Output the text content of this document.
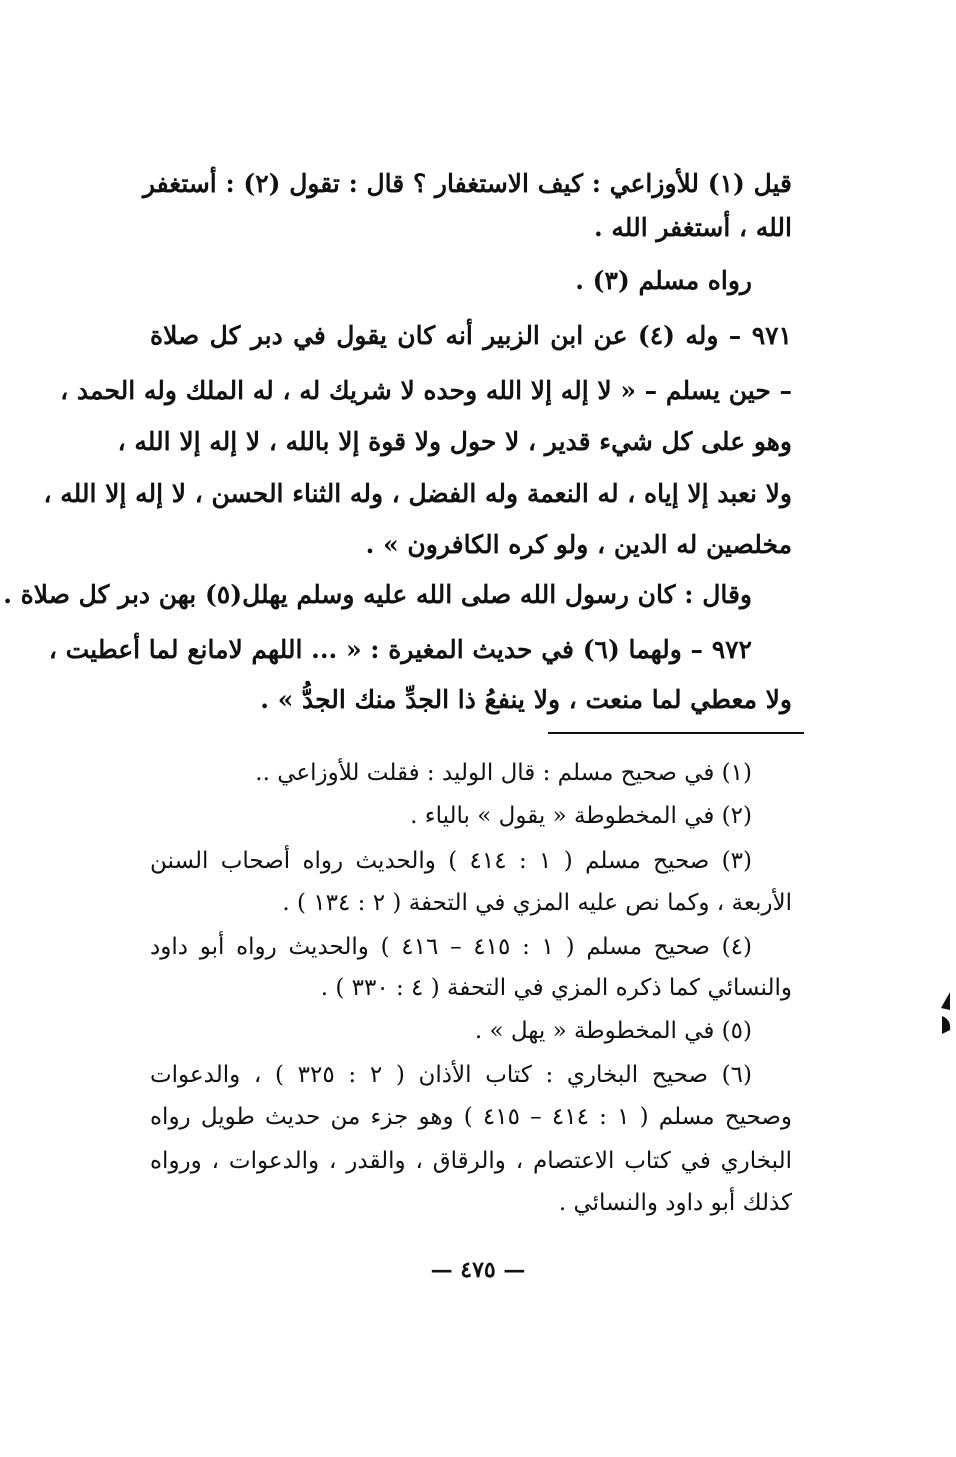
قيل (١) للأوزاعي : كيف الاستغفار ؟ قال : تقول (٢) : أستغفر
الله ، أستغفر الله .
رواه مسلم (٣) .
٩٧١ – وله (٤) عن ابن الزبير أنه كان يقول في دبر كل صلاة
– حين يسلم – « لا إله إلا الله وحده لا شريك له ، له الملك وله الحمد ،
وهو على كل شيء قدير ، لا حول ولا قوة إلا بالله ، لا إله إلا الله ،
ولا نعبد إلا إياه ، له النعمة وله الفضل ، وله الثناء الحسن ، لا إله إلا الله ،
مخلصين له الدين ، ولو كره الكافرون » .
وقال : كان رسول الله صلى الله عليه وسلم يهلل(٥) بهن دبر كل صلاة .
٩٧٢ – ولهما (٦) في حديث المغيرة : « ... اللهم لامانع لما أعطيت ،
ولا معطي لما منعت ، ولا ينفعُ ذا الجدِّ منك الجدُّ » .
(١) في صحيح مسلم : قال الوليد : فقلت للأوزاعي ..
(٢) في المخطوطة « يقول » بالياء .
(٣) صحيح مسلم ( ١ : ٤١٤ ) والحديث رواه أصحاب السنن
الأربعة ، وكما نص عليه المزي في التحفة ( ٢ : ١٣٤ ) .
(٤) صحيح مسلم ( ١ : ٤١٥ – ٤١٦ ) والحديث رواه أبو داود
والنسائي كما ذكره المزي في التحفة ( ٤ : ٣٣٠ ) .
(٥) في المخطوطة « يهل » .
(٦) صحيح البخاري : كتاب الأذان ( ٢ : ٣٢٥ ) ، والدعوات
وصحيح مسلم ( ١ : ٤١٤ – ٤١٥ ) وهو جزء من حديث طويل رواه
البخاري في كتاب الاعتصام ، والرقاق ، والقدر ، والدعوات ، ورواه
كذلك أبو داود والنسائي .
— ٤٧٥ —
